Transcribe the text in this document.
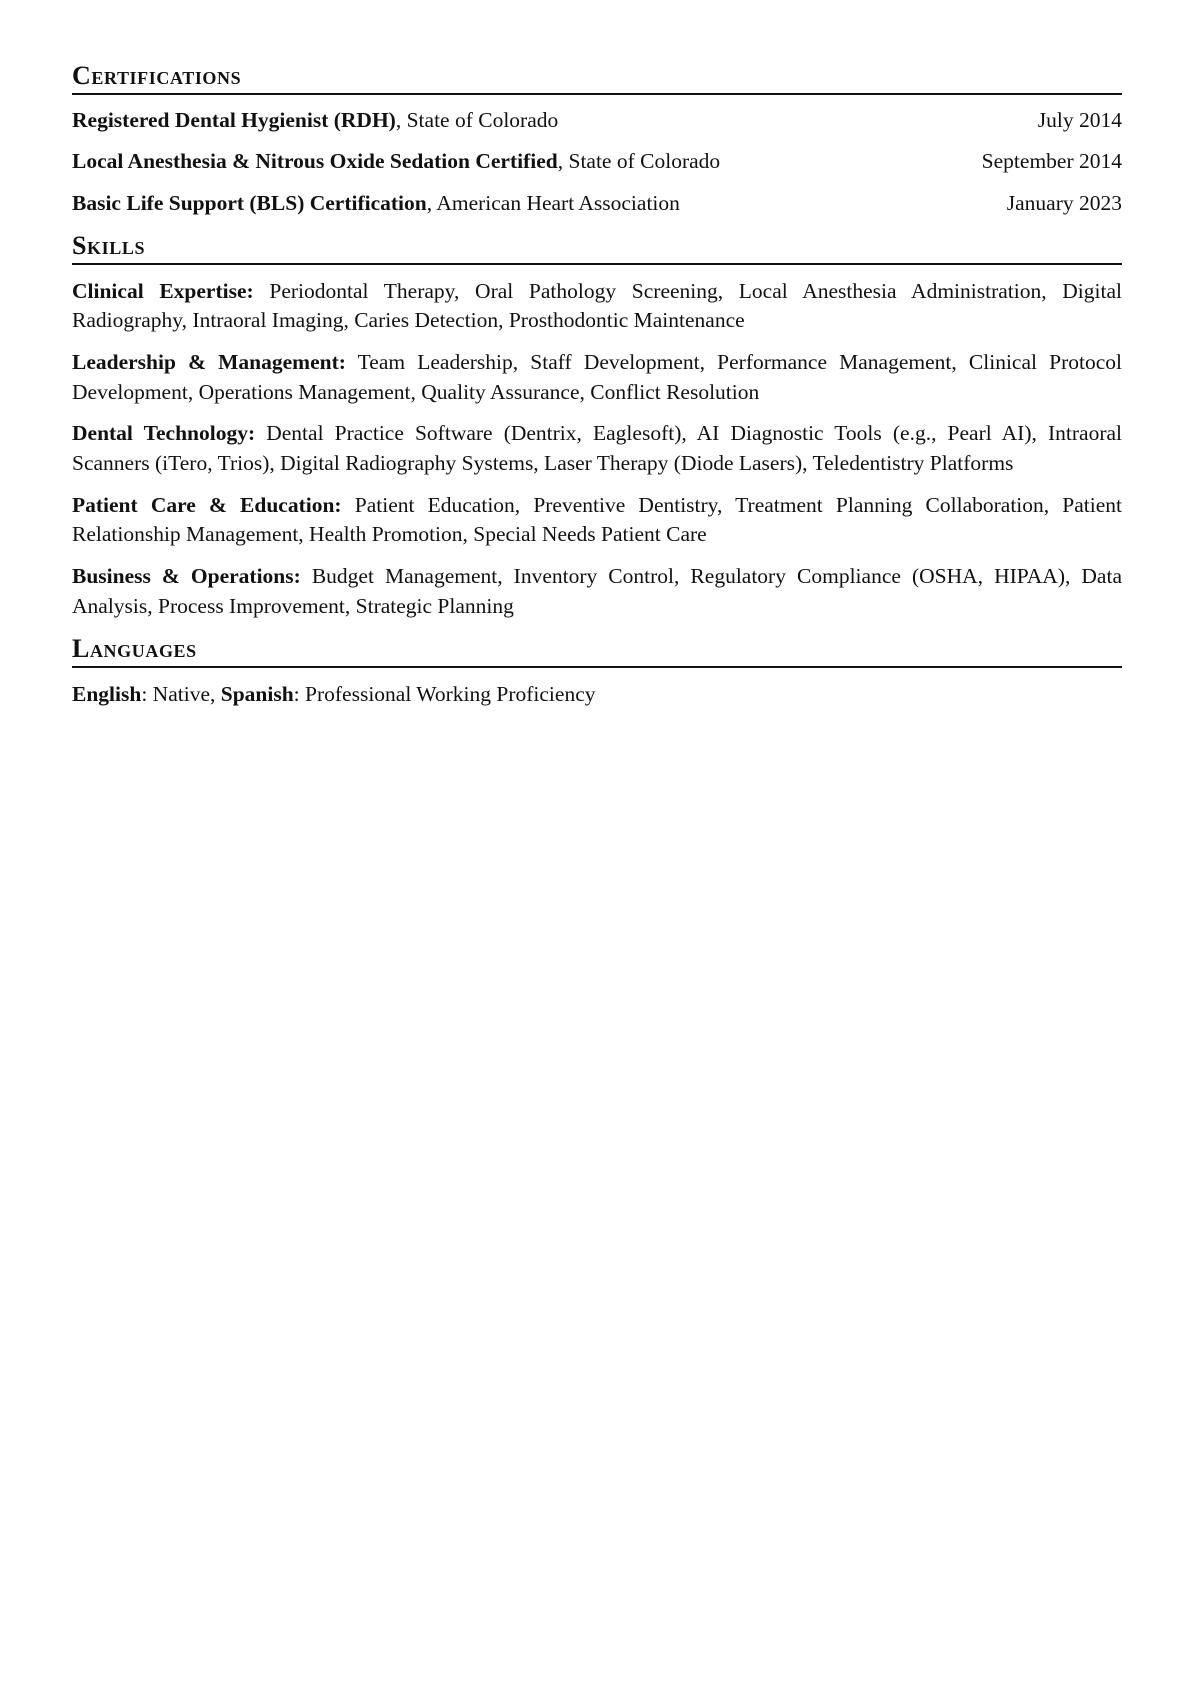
Certifications
Registered Dental Hygienist (RDH), State of Colorado	July 2014
Local Anesthesia & Nitrous Oxide Sedation Certified, State of Colorado	September 2014
Basic Life Support (BLS) Certification, American Heart Association	January 2023
Skills

Clinical Expertise: Periodontal Therapy, Oral Pathology Screening, Local Anesthesia Administration, Digital Radiography, Intraoral Imaging, Caries Detection, Prosthodontic Maintenance

Leadership & Management: Team Leadership, Staff Development, Performance Management, Clinical Protocol Development, Operations Management, Quality Assurance, Conflict Resolution

Dental Technology: Dental Practice Software (Dentrix, Eaglesoft), AI Diagnostic Tools (e.g., Pearl AI), Intraoral Scanners (iTero, Trios), Digital Radiography Systems, Laser Therapy (Diode Lasers), Teledentistry Platforms

Patient Care & Education: Patient Education, Preventive Dentistry, Treatment Planning Collaboration, Patient Relationship Management, Health Promotion, Special Needs Patient Care

Business & Operations: Budget Management, Inventory Control, Regulatory Compliance (OSHA, HIPAA), Data Analysis, Process Improvement, Strategic Planning

Languages

English: Native, Spanish: Professional Working Proficiency
